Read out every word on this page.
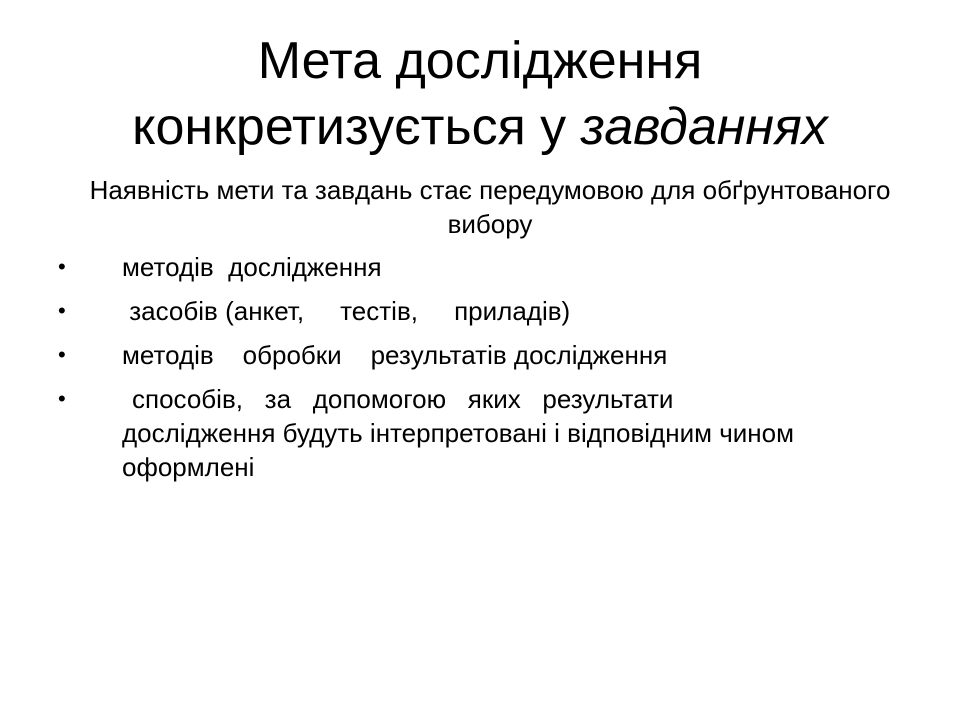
Мета дослідження
конкретизується у завданнях

Наявність мети та завдань стає передумовою для обґрунтованого вибору

•	методів  дослідження
•	засобів (анкет,     тестів,     приладів)
•	методів    обробки    результатів дослідження
•	способів,   за   допомогою   яких   результати дослідження будуть інтерпретовані і відповідним чином оформлені
